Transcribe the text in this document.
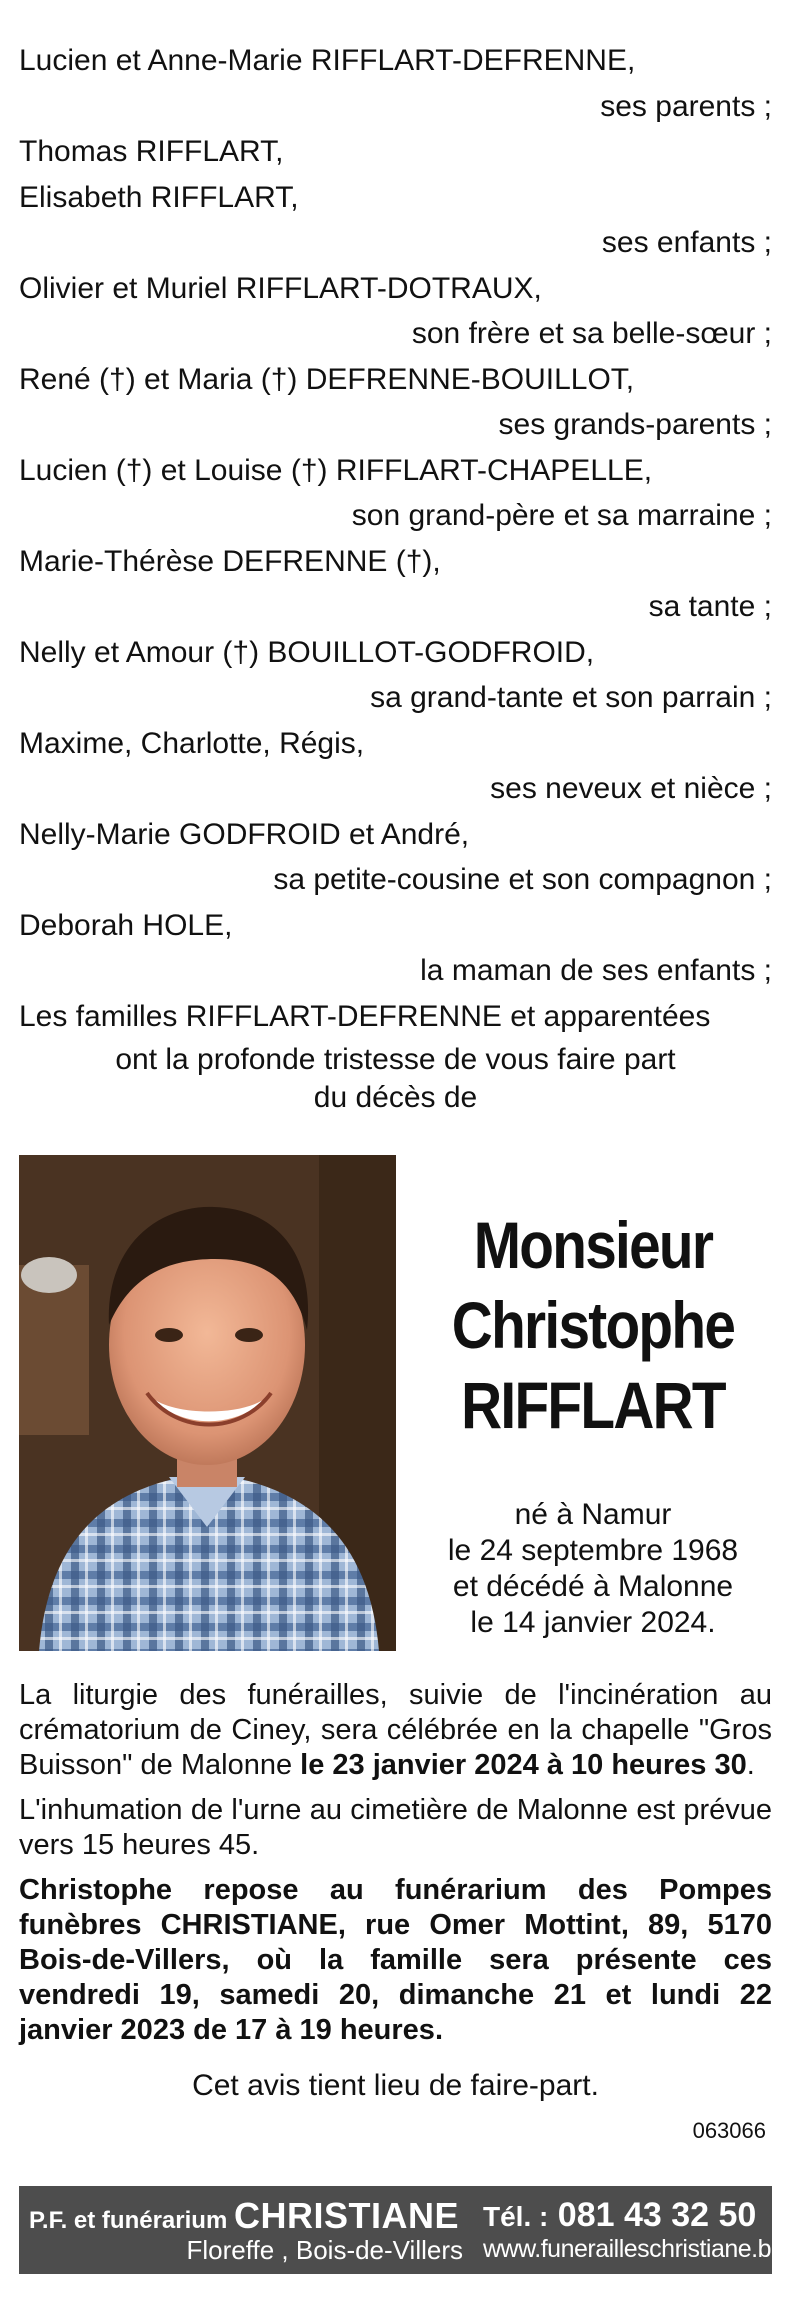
Lucien et Anne-Marie RIFFLART-DEFRENNE,
ses parents ;
Thomas RIFFLART,
Elisabeth RIFFLART,
ses enfants ;
Olivier et Muriel RIFFLART-DOTRAUX,
son frère et sa belle-sœur ;
René (†) et Maria (†) DEFRENNE-BOUILLOT,
ses grands-parents ;
Lucien (†) et Louise (†) RIFFLART-CHAPELLE,
son grand-père et sa marraine ;
Marie-Thérèse DEFRENNE (†),
sa tante ;
Nelly et Amour (†) BOUILLOT-GODFROID,
sa grand-tante et son parrain ;
Maxime, Charlotte, Régis,
ses neveux et nièce ;
Nelly-Marie GODFROID et André,
sa petite-cousine et son compagnon ;
Deborah HOLE,
la maman de ses enfants ;
Les familles RIFFLART-DEFRENNE et apparentées
ont la profonde tristesse de vous faire part
du décès de
Monsieur
Christophe
RIFFLART
né à Namur
le 24 septembre 1968
et décédé à Malonne
le 14 janvier 2024.

La liturgie des funérailles, suivie de l'incinération au crématorium de Ciney, sera célébrée en la chapelle "Gros Buisson" de Malonne le 23 janvier 2024 à 10 heures 30.

L'inhumation de l'urne au cimetière de Malonne est prévue vers 15 heures 45.

Christophe repose au funérarium des Pompes funèbres CHRISTIANE, rue Omer Mottint, 89, 5170 Bois-de-Villers, où la famille sera présente ces vendredi 19, samedi 20, dimanche 21 et lundi 22 janvier 2023 de 17 à 19 heures.

Cet avis tient lieu de faire-part.
063066
P.F. et funérarium CHRISTIANE
Floreffe , Bois-de-Villers
Tél. : 081 43 32 50
www.funerailleschristiane.be
